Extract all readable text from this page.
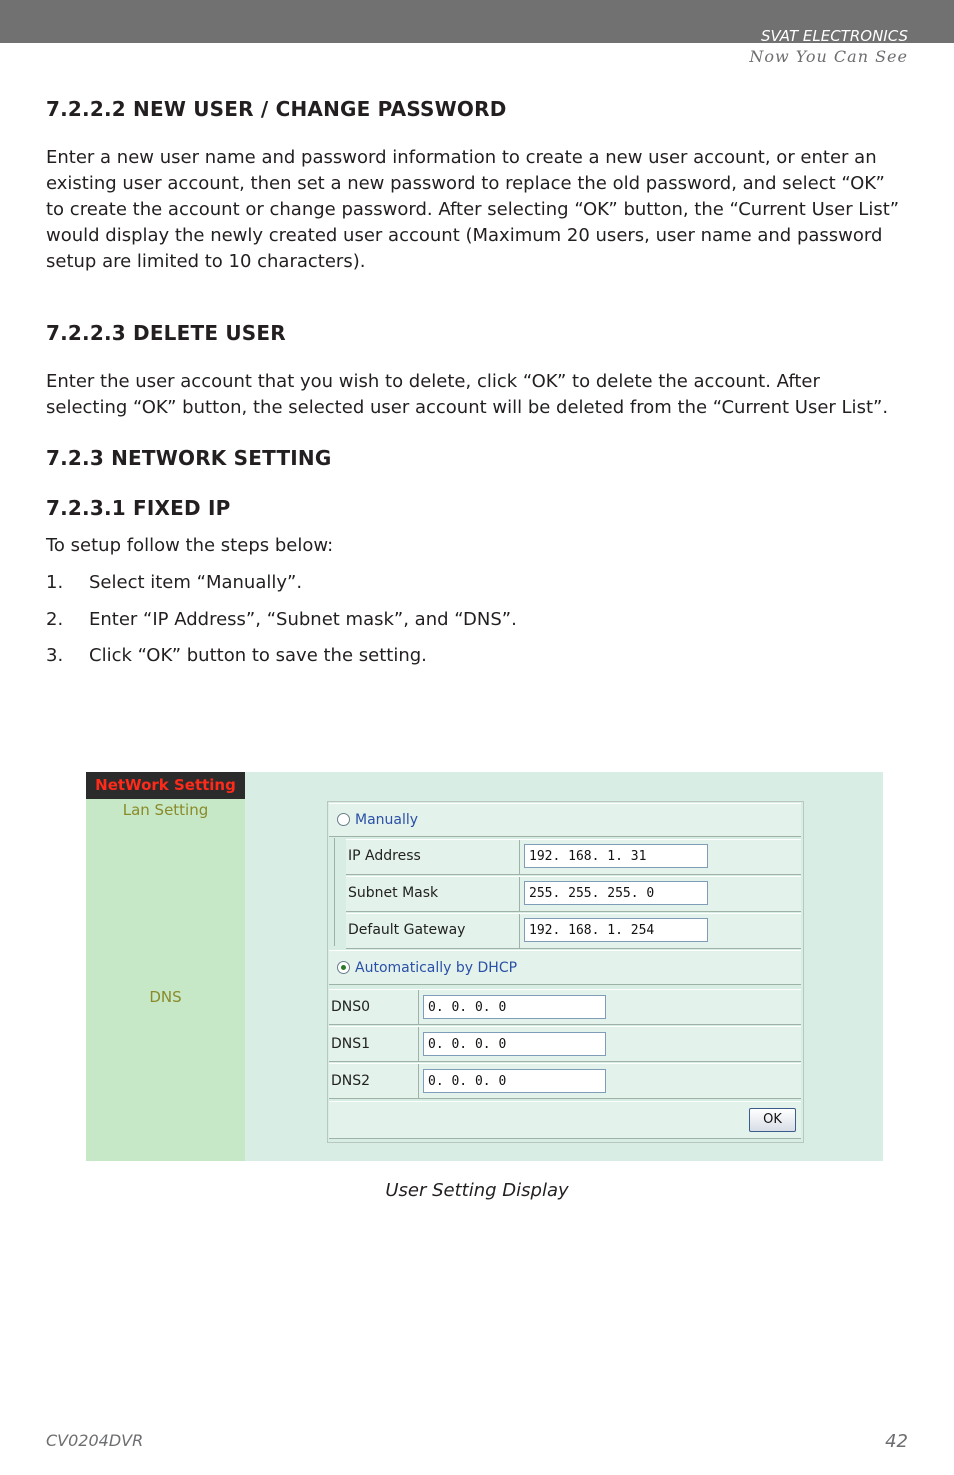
SVAT ELECTRONICS
Now You Can See
7.2.2.2 NEW USER / CHANGE PASSWORD

Enter a new user name and password information to create a new user account, or enter an existing user account, then set a new password to replace the old password, and select “OK” to create the account or change password. After selecting “OK” button, the “Current User List” would display the newly created user account (Maximum 20 users, user name and password setup are limited to 10 characters).

7.2.2.3 DELETE USER

Enter the user account that you wish to delete, click “OK” to delete the account. After selecting “OK” button, the selected user account will be deleted from the “Current User List”.

7.2.3 NETWORK SETTING
7.2.3.1 FIXED IP
To setup follow the steps below:
1. Select item “Manually”.
2. Enter “IP Address”, “Subnet mask”, and “DNS”.
3. Click “OK” button to save the setting.
NetWork Setting
Lan Setting
DNS
Manually
IP Address	192. 168. 1. 31
Subnet Mask	255. 255. 255. 0
Default Gateway	192. 168. 1. 254
Automatically by DHCP
DNS0	0. 0. 0. 0
DNS1	0. 0. 0. 0
DNS2	0. 0. 0. 0
OK
User Setting Display
CV0204DVR	42
